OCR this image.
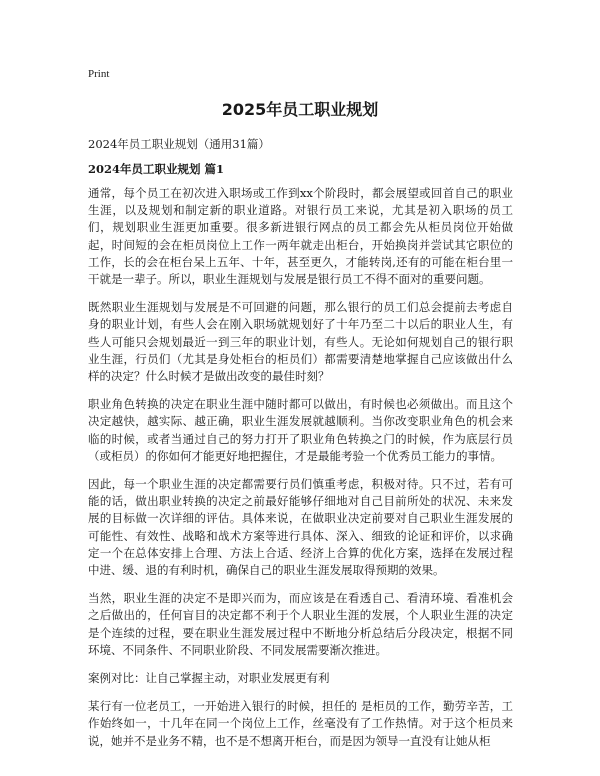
Print
2025年员工职业规划
2024年员工职业规划（通用31篇）
2024年员工职业规划 篇1

通常，每个员工在初次进入职场或工作到xx个阶段时，都会展望或回首自己的职业生涯，以及规划和制定新的职业道路。对银行员工来说，尤其是初入职场的员工们，规划职业生涯更加重要。很多新进银行网点的员工都会先从柜员岗位开始做起，时间短的会在柜员岗位上工作一两年就走出柜台，开始换岗并尝试其它职位的工作，长的会在柜台呆上五年、十年，甚至更久，才能转岗,还有的可能在柜台里一干就是一辈子。所以，职业生涯规划与发展是银行员工不得不面对的重要问题。

既然职业生涯规划与发展是不可回避的问题，那么银行的员工们总会提前去考虑自身的职业计划，有些人会在刚入职场就规划好了十年乃至二十以后的职业人生，有些人可能只会规划最近一到三年的职业计划，有些人。无论如何规划自己的银行职业生涯，行员们（尤其是身处柜台的柜员们）都需要清楚地掌握自己应该做出什么样的决定？什么时候才是做出改变的最佳时刻？

职业角色转换的决定在职业生涯中随时都可以做出，有时候也必须做出。而且这个决定越快，越实际、越正确，职业生涯发展就越顺利。当你改变职业角色的机会来临的时候，或者当通过自己的努力打开了职业角色转换之门的时候，作为底层行员（或柜员）的你如何才能更好地把握住，才是最能考验一个优秀员工能力的事情。

因此，每一个职业生涯的决定都需要行员们慎重考虑，积极对待。只不过，若有可能的话，做出职业转换的决定之前最好能够仔细地对自己目前所处的状况、未来发展的目标做一次详细的评估。具体来说，在做职业决定前要对自己职业生涯发展的可能性、有效性、战略和战术方案等进行具体、深入、细致的论证和评价，以求确定一个在总体安排上合理、方法上合适、经济上合算的优化方案，选择在发展过程中进、缓、退的有利时机，确保自己的职业生涯发展取得预期的效果。

当然，职业生涯的决定不是即兴而为，而应该是在看透自己、看清环境、看准机会之后做出的，任何盲目的决定都不利于个人职业生涯的发展，个人职业生涯的决定是个连续的过程，要在职业生涯发展过程中不断地分析总结后分段决定，根据不同环境、不同条件、不同职业阶段、不同发展需要渐次推进。

案例对比：让自己掌握主动，对职业发展更有利

某行有一位老员工，一开始进入银行的时候，担任的 是柜员的工作，勤劳辛苦，工作始终如一，十几年在同一个岗位上工作，丝毫没有了工作热情。对于这个柜员来说，她并不是业务不精，也不是不想离开柜台，而是因为领导一直没有让她从柜
